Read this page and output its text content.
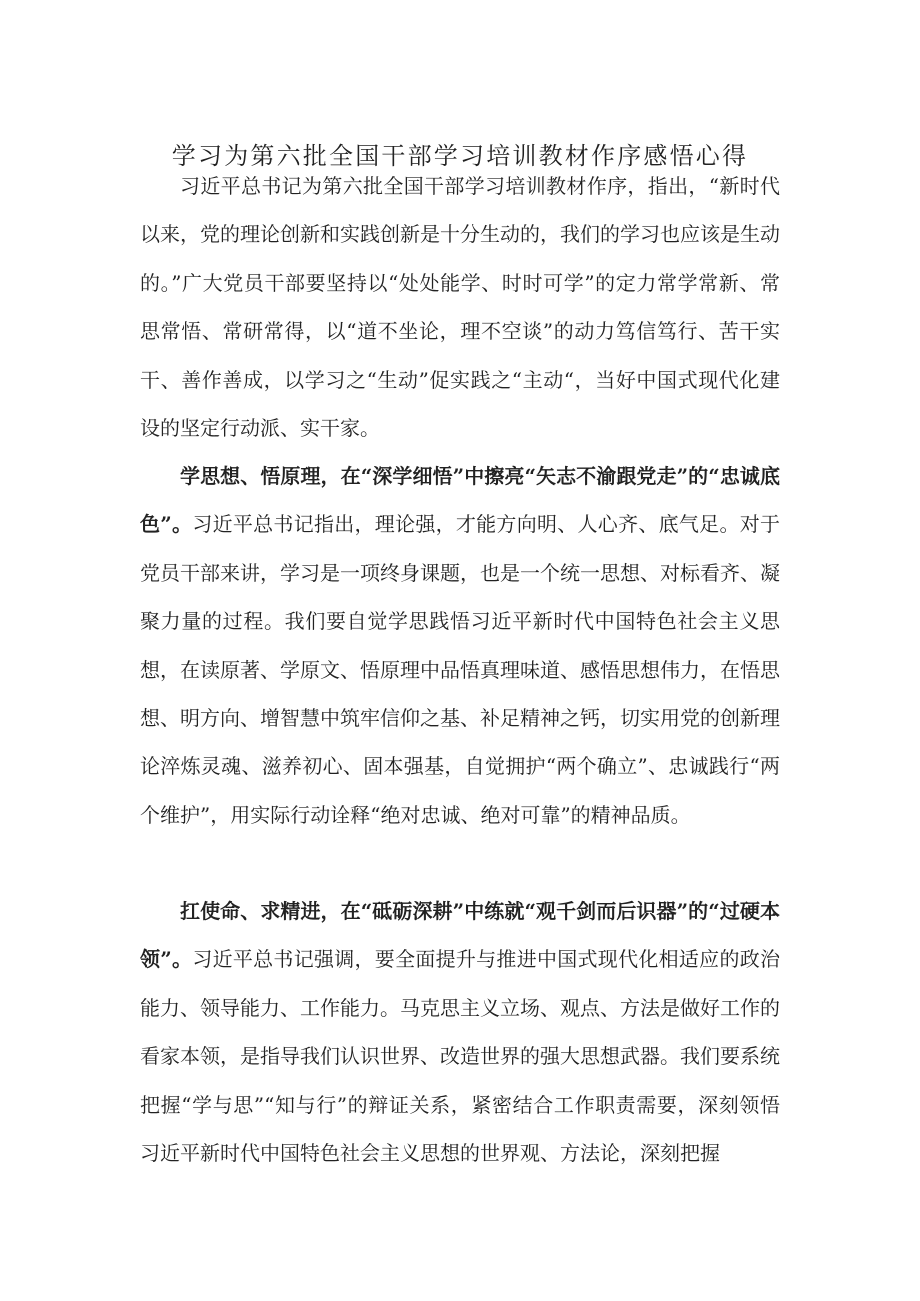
学习为第六批全国干部学习培训教材作序感悟心得

习近平总书记为第六批全国干部学习培训教材作序，指出，“新时代以来，党的理论创新和实践创新是十分生动的，我们的学习也应该是生动的。”广大党员干部要坚持以“处处能学、时时可学”的定力常学常新、常思常悟、常研常得，以“道不坐论，理不空谈”的动力笃信笃行、苦干实干、善作善成，以学习之“生动”促实践之“主动“，当好中国式现代化建设的坚定行动派、实干家。

学思想、悟原理，在“深学细悟”中擦亮“矢志不渝跟党走”的“忠诚底色”。习近平总书记指出，理论强，才能方向明、人心齐、底气足。对于党员干部来讲，学习是一项终身课题，也是一个统一思想、对标看齐、凝聚力量的过程。我们要自觉学思践悟习近平新时代中国特色社会主义思想，在读原著、学原文、悟原理中品悟真理味道、感悟思想伟力，在悟思想、明方向、增智慧中筑牢信仰之基、补足精神之钙，切实用党的创新理论淬炼灵魂、滋养初心、固本强基，自觉拥护“两个确立”、忠诚践行“两个维护”，用实际行动诠释“绝对忠诚、绝对可靠”的精神品质。

扛使命、求精进，在“砥砺深耕”中练就“观千剑而后识器”的“过硬本领”。习近平总书记强调，要全面提升与推进中国式现代化相适应的政治能力、领导能力、工作能力。马克思主义立场、观点、方法是做好工作的看家本领，是指导我们认识世界、改造世界的强大思想武器。我们要系统把握“学与思”“知与行”的辩证关系，紧密结合工作职责需要，深刻领悟习近平新时代中国特色社会主义思想的世界观、方法论，深刻把握
